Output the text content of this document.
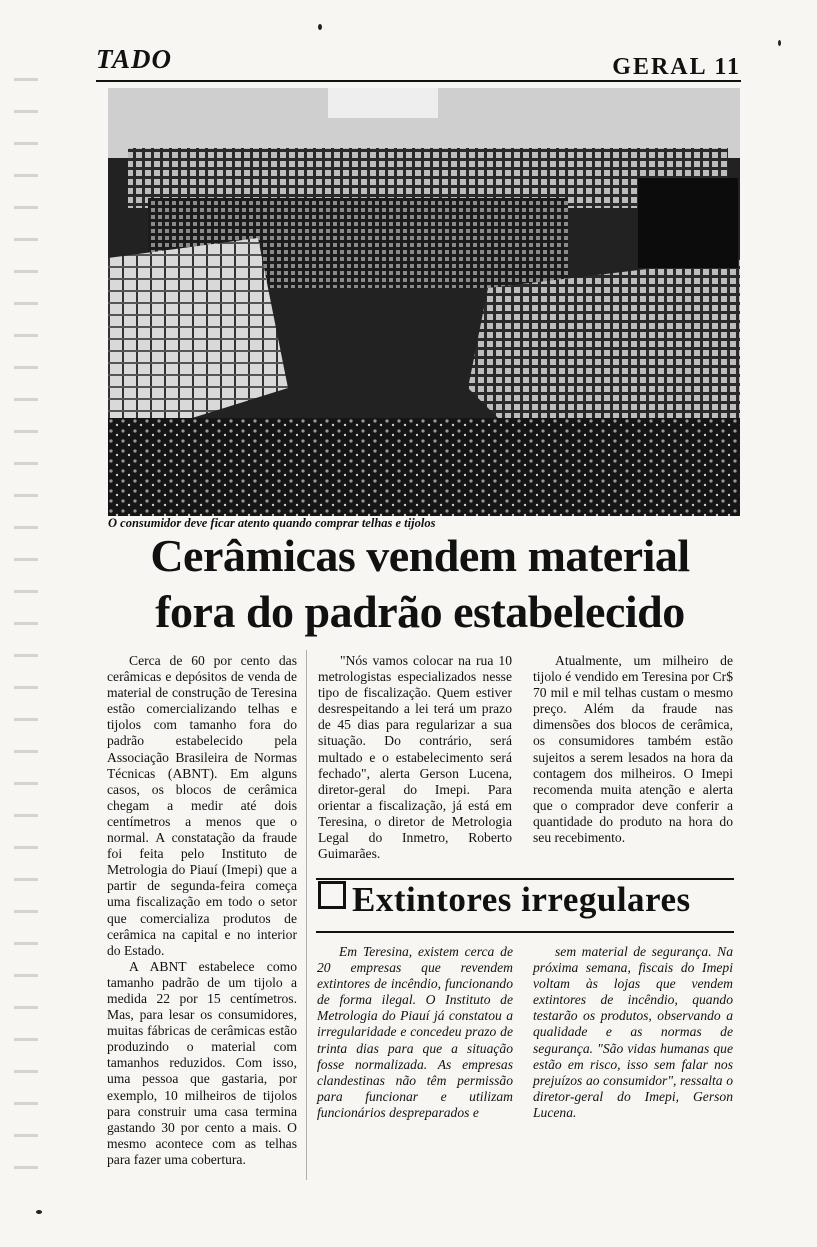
TADO	GERAL 11
O consumidor deve ficar atento quando comprar telhas e tijolos
Cerâmicas vendem material
fora do padrão estabelecido

Cerca de 60 por cento das cerâmicas e depósitos de venda de material de construção de Teresina estão comercializando telhas e tijolos com tamanho fora do padrão estabelecido pela Associação Brasileira de Normas Técnicas (ABNT). Em alguns casos, os blocos de cerâmica chegam a medir até dois centímetros a menos que o normal. A constatação da fraude foi feita pelo Instituto de Metrologia do Piauí (Imepi) que a partir de segunda-feira começa uma fiscalização em todo o setor que comercializa produtos de cerâmica na capital e no interior do Estado.

A ABNT estabelece como tamanho padrão de um tijolo a medida 22 por 15 centímetros. Mas, para lesar os consumidores, muitas fábricas de cerâmicas estão produzindo o material com tamanhos reduzidos. Com isso, uma pessoa que gastaria, por exemplo, 10 milheiros de tijolos para construir uma casa termina gastando 30 por cento a mais. O mesmo acontece com as telhas para fazer uma cobertura.

"Nós vamos colocar na rua 10 metrologistas especializados nesse tipo de fiscalização. Quem estiver desrespeitando a lei terá um prazo de 45 dias para regularizar a sua situação. Do contrário, será multado e o estabelecimento será fechado", alerta Gerson Lucena, diretor-geral do Imepi. Para orientar a fiscalização, já está em Teresina, o diretor de Metrologia Legal do Inmetro, Roberto Guimarães.

Atualmente, um milheiro de tijolo é vendido em Teresina por Cr$ 70 mil e mil telhas custam o mesmo preço. Além da fraude nas dimensões dos blocos de cerâmica, os consumidores também estão sujeitos a serem lesados na hora da contagem dos milheiros. O Imepi recomenda muita atenção e alerta que o comprador deve conferir a quantidade do produto na hora do seu recebimento.

Extintores irregulares

Em Teresina, existem cerca de 20 empresas que revendem extintores de incêndio, funcionando de forma ilegal. O Instituto de Metrologia do Piauí já constatou a irregularidade e concedeu prazo de trinta dias para que a situação fosse normalizada. As empresas clandestinas não têm permissão para funcionar e utilizam funcionários despreparados e

sem material de segurança. Na próxima semana, fiscais do Imepi voltam às lojas que vendem extintores de incêndio, quando testarão os produtos, observando a qualidade e as normas de segurança. "São vidas humanas que estão em risco, isso sem falar nos prejuízos ao consumidor", ressalta o diretor-geral do Imepi, Gerson Lucena.
